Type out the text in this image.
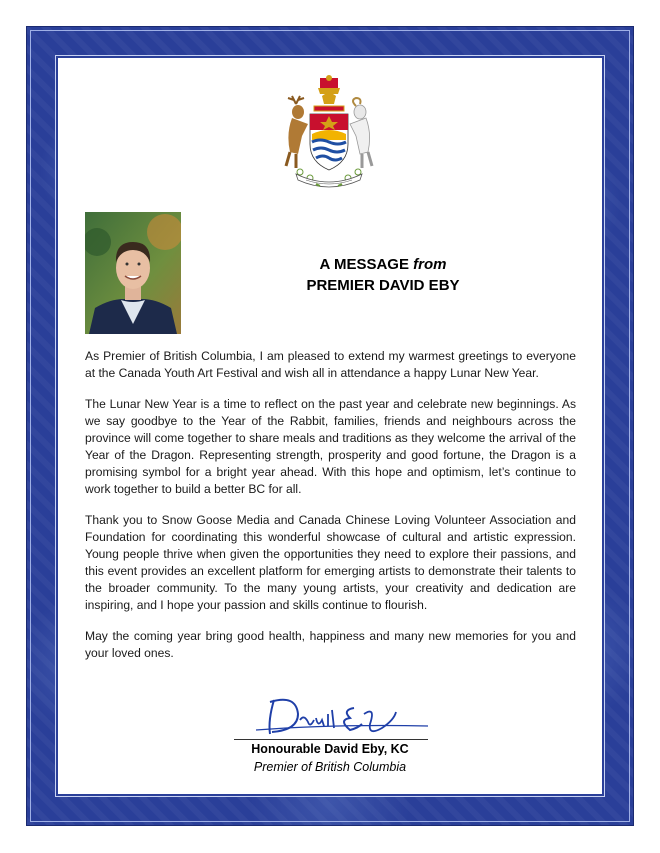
A MESSAGE from
PREMIER DAVID EBY

As Premier of British Columbia, I am pleased to extend my warmest greetings to everyone at the Canada Youth Art Festival and wish all in attendance a happy Lunar New Year.

The Lunar New Year is a time to reflect on the past year and celebrate new beginnings. As we say goodbye to the Year of the Rabbit, families, friends and neighbours across the province will come together to share meals and traditions as they welcome the arrival of the Year of the Dragon. Representing strength, prosperity and good fortune, the Dragon is a promising symbol for a bright year ahead. With this hope and optimism, let’s continue to work together to build a better BC for all.

Thank you to Snow Goose Media and Canada Chinese Loving Volunteer Association and Foundation for coordinating this wonderful showcase of cultural and artistic expression. Young people thrive when given the opportunities they need to explore their passions, and this event provides an excellent platform for emerging artists to demonstrate their talents to the broader community. To the many young artists, your creativity and dedication are inspiring, and I hope your passion and skills continue to flourish.

May the coming year bring good health, happiness and many new memories for you and your loved ones.

Honourable David Eby, KC
Premier of British Columbia
